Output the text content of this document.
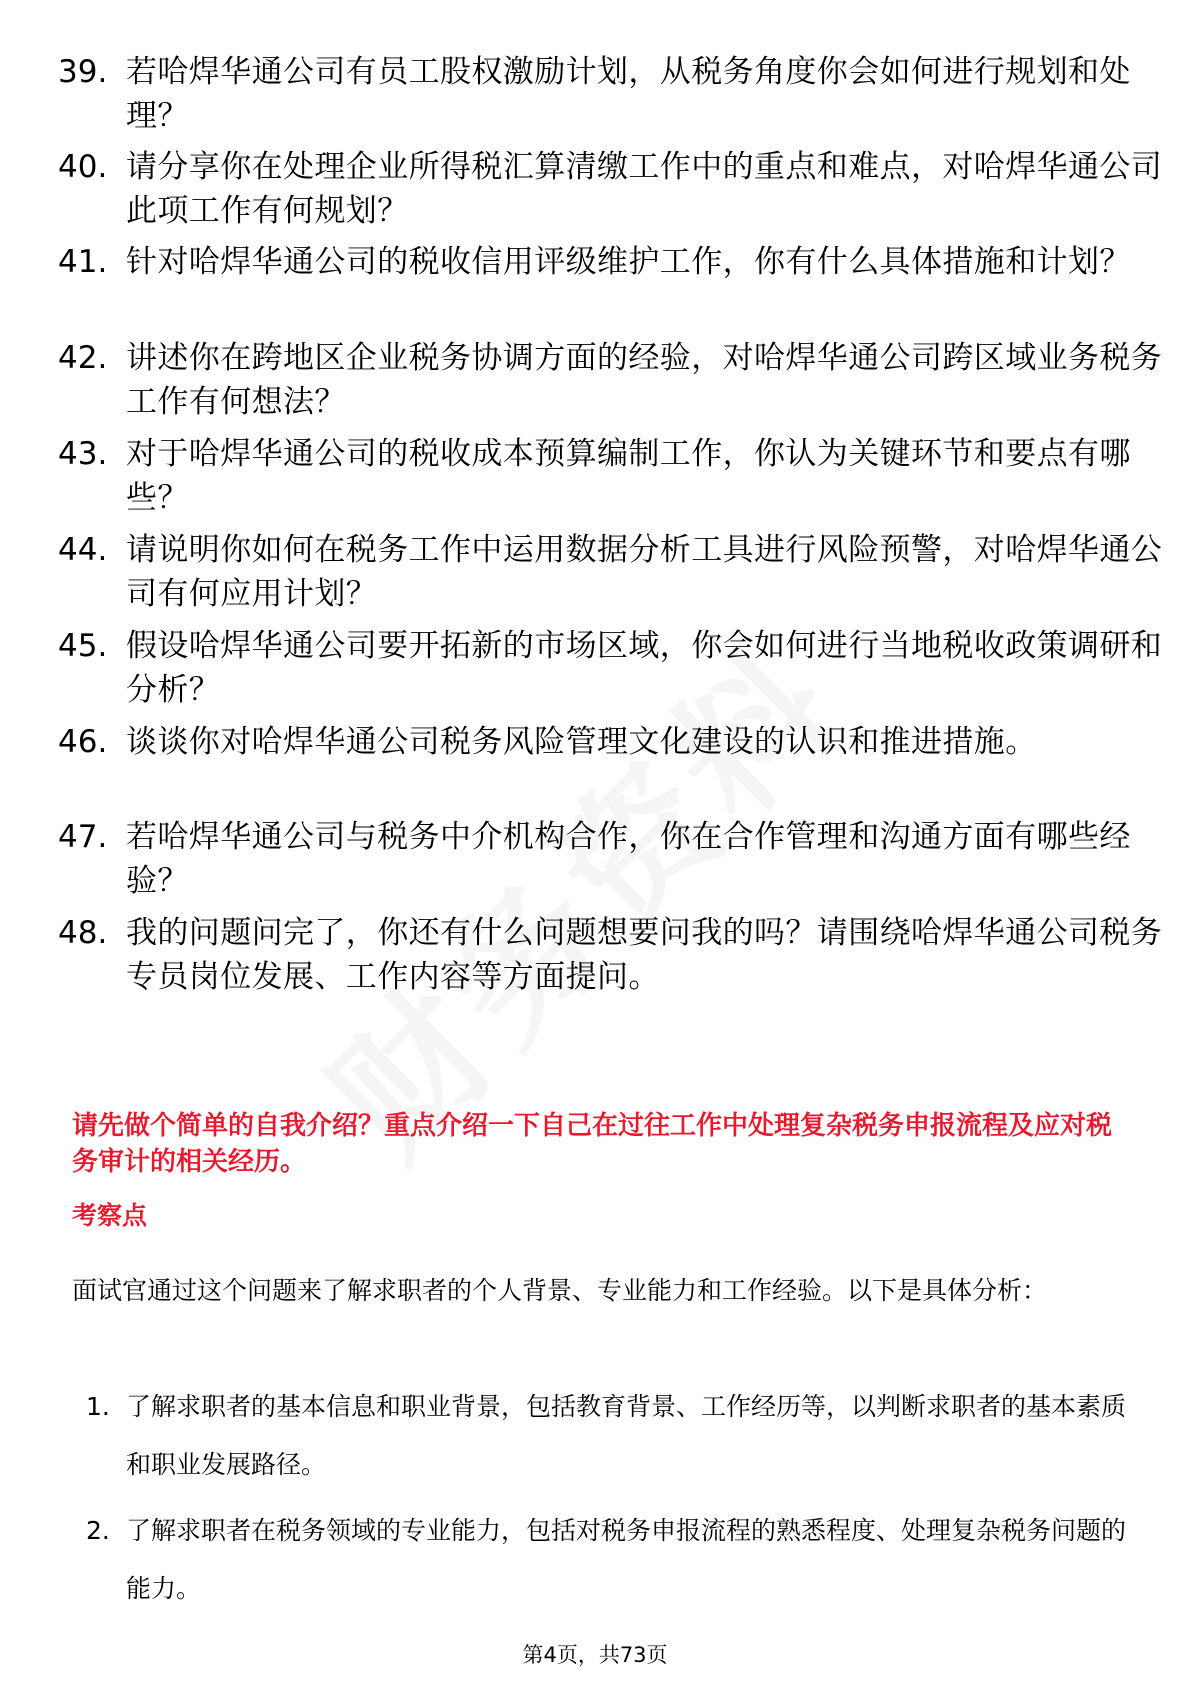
39. 若哈焊华通公司有员工股权激励计划，从税务角度你会如何进行规划和处理？
40. 请分享你在处理企业所得税汇算清缴工作中的重点和难点，对哈焊华通公司此项工作有何规划？
41. 针对哈焊华通公司的税收信用评级维护工作，你有什么具体措施和计划？
42. 讲述你在跨地区企业税务协调方面的经验，对哈焊华通公司跨区域业务税务工作有何想法？
43. 对于哈焊华通公司的税收成本预算编制工作，你认为关键环节和要点有哪些？
44. 请说明你如何在税务工作中运用数据分析工具进行风险预警，对哈焊华通公司有何应用计划？
45. 假设哈焊华通公司要开拓新的市场区域，你会如何进行当地税收政策调研和分析？
46. 谈谈你对哈焊华通公司税务风险管理文化建设的认识和推进措施。
47. 若哈焊华通公司与税务中介机构合作，你在合作管理和沟通方面有哪些经验？
48. 我的问题问完了，你还有什么问题想要问我的吗？请围绕哈焊华通公司税务专员岗位发展、工作内容等方面提问。
请先做个简单的自我介绍？重点介绍一下自己在过往工作中处理复杂税务申报流程及应对税务审计的相关经历。
考察点
面试官通过这个问题来了解求职者的个人背景、专业能力和工作经验。以下是具体分析：
1. 了解求职者的基本信息和职业背景，包括教育背景、工作经历等，以判断求职者的基本素质和职业发展路径。
2. 了解求职者在税务领域的专业能力，包括对税务申报流程的熟悉程度、处理复杂税务问题的能力。
第4页，共73页
